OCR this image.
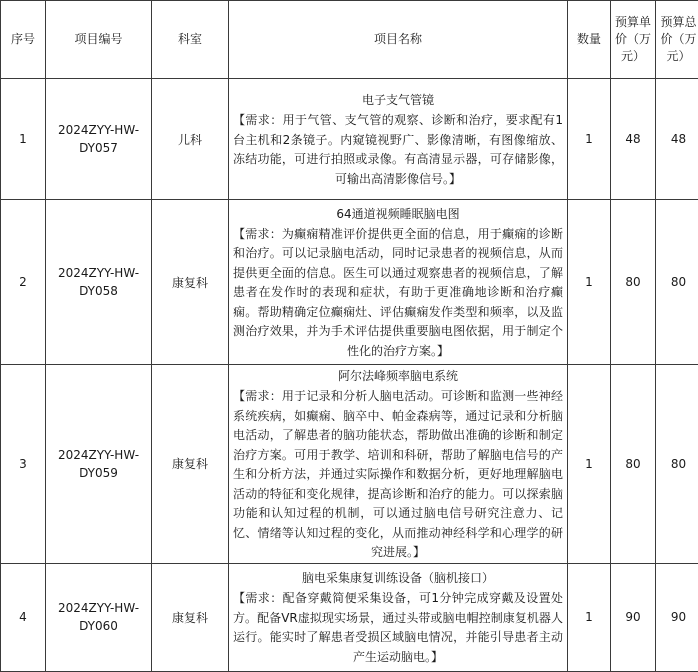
序号	项目编号	科室	项目名称	数量	预算单价（万元）	预算总价（万元）
1	2024ZYY-HW-DY057	儿科	电子支气管镜
【需求：用于气管、支气管的观察、诊断和治疗，要求配有1台主机和2条镜子。内窥镜视野广、影像清晰，有图像缩放、冻结功能，可进行拍照或录像。有高清显示器，可存储影像，可输出高清影像信号。】	1	48	48
2	2024ZYY-HW-DY058	康复科	64通道视频睡眠脑电图
【需求：为癫痫精准评价提供更全面的信息，用于癫痫的诊断和治疗。可以记录脑电活动，同时记录患者的视频信息，从而提供更全面的信息。医生可以通过观察患者的视频信息，了解患者在发作时的表现和症状，有助于更准确地诊断和治疗癫痫。帮助精确定位癫痫灶、评估癫痫发作类型和频率，以及监测治疗效果，并为手术评估提供重要脑电图依据，用于制定个性化的治疗方案。】	1	80	80
3	2024ZYY-HW-DY059	康复科	阿尔法峰频率脑电系统
【需求：用于记录和分析人脑电活动。可诊断和监测一些神经系统疾病，如癫痫、脑卒中、帕金森病等，通过记录和分析脑电活动，了解患者的脑功能状态，帮助做出准确的诊断和制定治疗方案。可用于教学、培训和科研，帮助了解脑电信号的产生和分析方法，并通过实际操作和数据分析，更好地理解脑电活动的特征和变化规律，提高诊断和治疗的能力。可以探索脑功能和认知过程的机制，可以通过脑电信号研究注意力、记忆、情绪等认知过程的变化，从而推动神经科学和心理学的研究进展。】	1	80	80
4	2024ZYY-HW-DY060	康复科	脑电采集康复训练设备（脑机接口）
【需求：配备穿戴简便采集设备，可1分钟完成穿戴及设置处方。配备VR虚拟现实场景，通过头带或脑电帽控制康复机器人运行。能实时了解患者受损区域脑电情况，并能引导患者主动产生运动脑电。】	1	90	90
